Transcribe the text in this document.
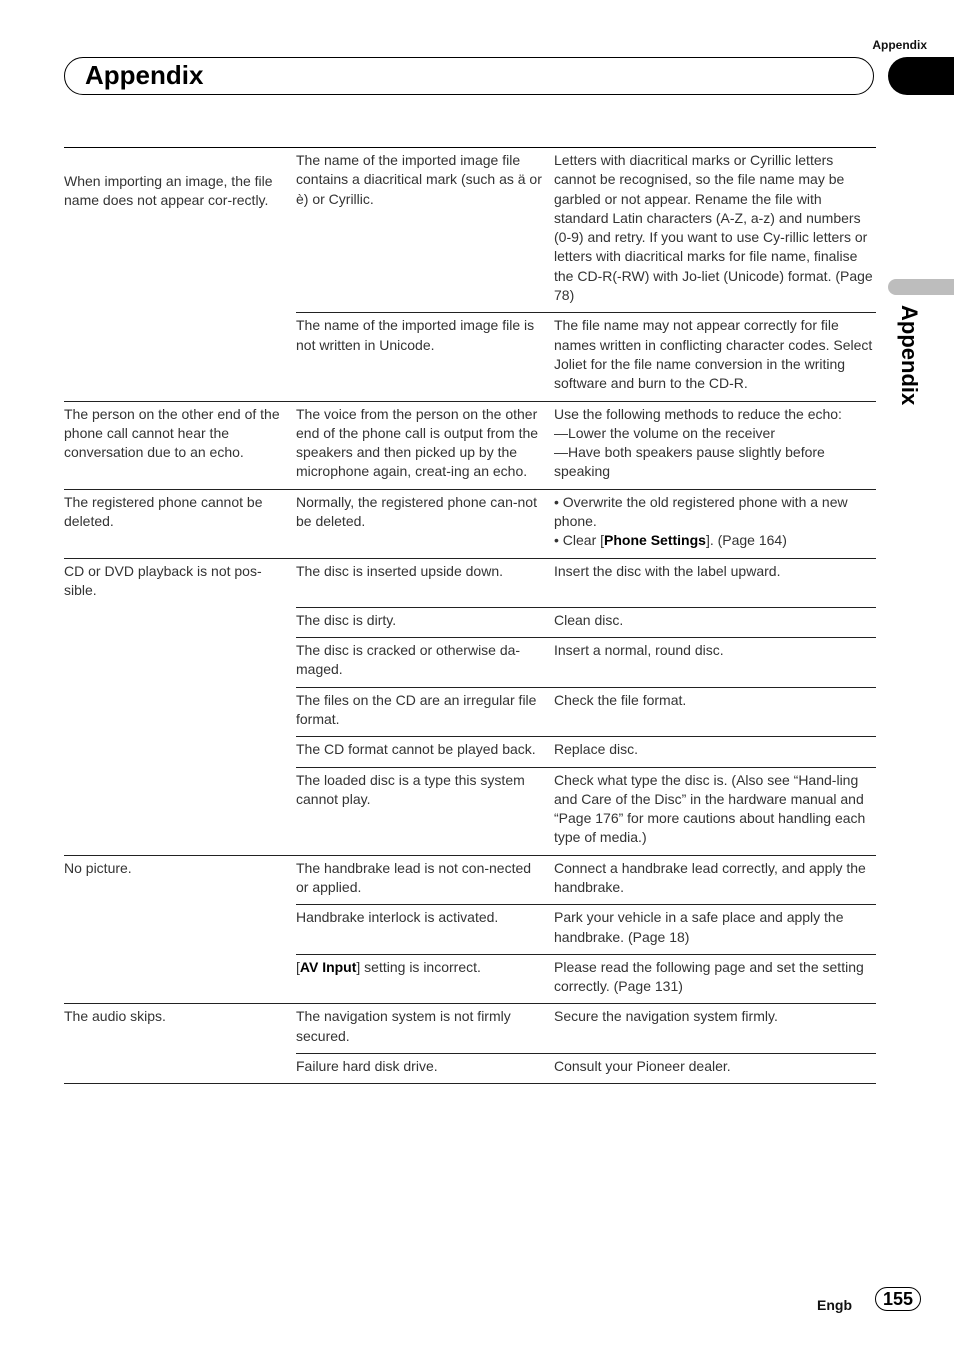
Appendix
Appendix
Appendix
When importing an image, the file name does not appear cor-rectly.	The name of the imported image file contains a diacritical mark (such as ä or è) or Cyrillic.	Letters with diacritical marks or Cyrillic letters cannot be recognised, so the file name may be garbled or not appear. Rename the file with standard Latin characters (A-Z, a-z) and numbers (0-9) and retry. If you want to use Cy-rillic letters or letters with diacritical marks for file name, finalise the CD-R(-RW) with Jo-liet (Unicode) format. (Page 78)
	The name of the imported image file is not written in Unicode.	The file name may not appear correctly for file names written in conflicting character codes. Select Joliet for the file name conversion in the writing software and burn to the CD-R.
The person on the other end of the phone call cannot hear the conversation due to an echo.	The voice from the person on the other end of the phone call is output from the speakers and then picked up by the microphone again, creat-ing an echo.	Use the following methods to reduce the echo:
—Lower the volume on the receiver
—Have both speakers pause slightly before speaking

The registered phone cannot be deleted.	Normally, the registered phone can-not be deleted.	• Overwrite the old registered phone with a new phone.
• Clear [Phone Settings]. (Page 164)

CD or DVD playback is not pos-sible.	The disc is inserted upside down.	Insert the disc with the label upward.
	The disc is dirty.	Clean disc.
	The disc is cracked or otherwise da-maged.	Insert a normal, round disc.
	The files on the CD are an irregular file format.	Check the file format.
	The CD format cannot be played back.	Replace disc.
	The loaded disc is a type this system cannot play.	Check what type the disc is. (Also see “Hand-ling and Care of the Disc” in the hardware manual and “Page 176” for more cautions about handling each type of media.)
No picture.	The handbrake lead is not con-nected or applied.	Connect a handbrake lead correctly, and apply the handbrake.
	Handbrake interlock is activated.	Park your vehicle in a safe place and apply the handbrake. (Page 18)
	[AV Input] setting is incorrect.	Please read the following page and set the setting correctly. (Page 131)
The audio skips.	The navigation system is not firmly secured.	Secure the navigation system firmly.
	Failure hard disk drive.	Consult your Pioneer dealer.
Engb	155
